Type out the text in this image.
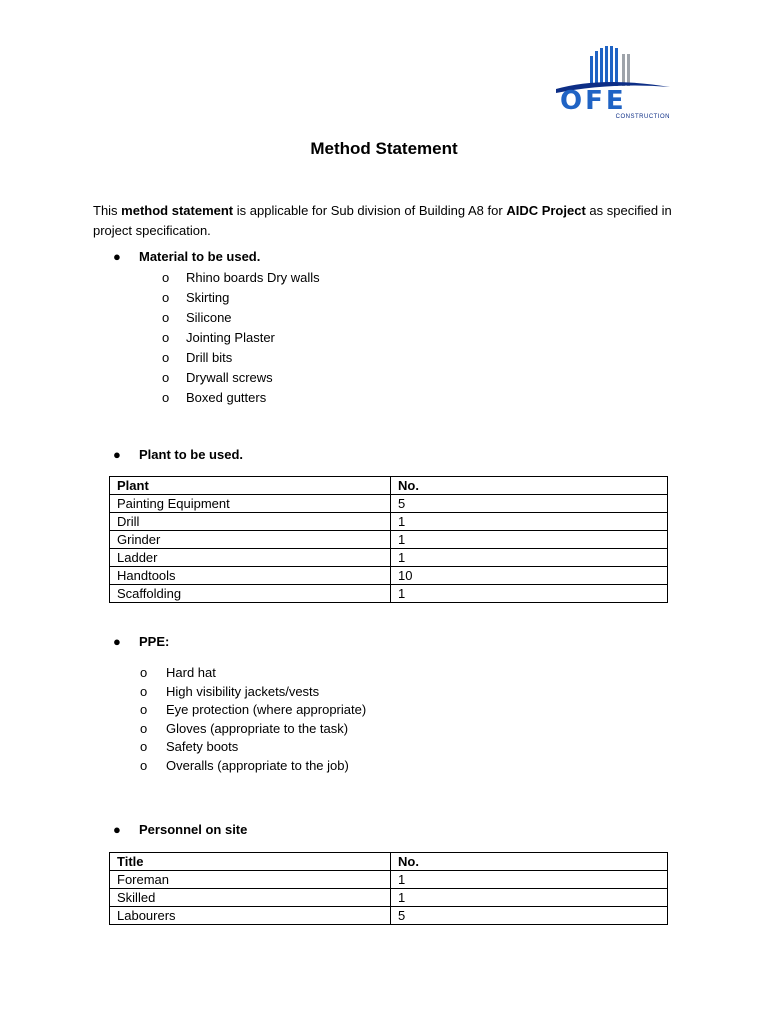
OFE
CONSTRUCTION
Method Statement
This method statement is applicable for Sub division of Building A8 for AIDC Project as specified in project specification.
● Material to be used.
o Rhino boards Dry walls
o Skirting
o Silicone
o Jointing Plaster
o Drill bits
o Drywall screws
o Boxed gutters
● Plant to be used.
Plant	No.
Painting Equipment	5
Drill	1
Grinder	1
Ladder	1
Handtools	10
Scaffolding	1
● PPE:
o Hard hat
o High visibility jackets/vests
o Eye protection (where appropriate)
o Gloves (appropriate to the task)
o Safety boots
o Overalls (appropriate to the job)
● Personnel on site
Title	No.
Foreman	1
Skilled	1
Labourers	5
